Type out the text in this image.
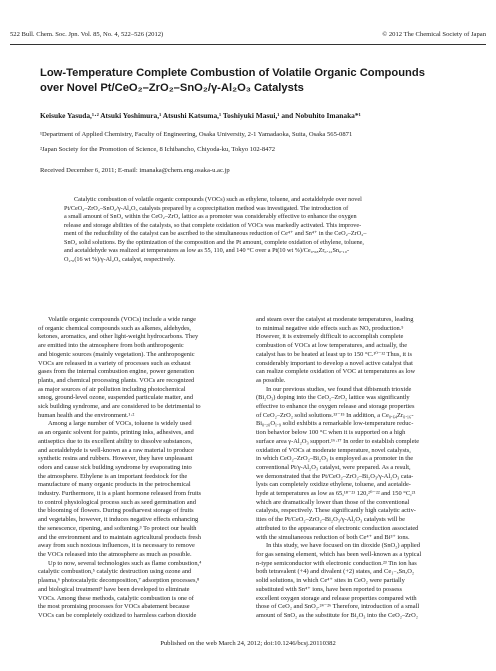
522 Bull. Chem. Soc. Jpn. Vol. 85, No. 4, 522–526 (2012)	© 2012 The Chemical Society of Japan
Low-Temperature Complete Combustion of Volatile Organic Compounds
over Novel Pt/CeO₂–ZrO₂–SnO₂/γ-Al₂O₃ Catalysts
Keisuke Yasuda,¹·² Atsuki Yoshimura,¹ Atsushi Katsuma,¹ Toshiyuki Masui,¹ and Nobuhito Imanaka*¹
¹Department of Applied Chemistry, Faculty of Engineering, Osaka University, 2-1 Yamadaoka, Suita, Osaka 565-0871
²Japan Society for the Promotion of Science, 8 Ichibancho, Chiyoda-ku, Tokyo 102-8472
Received December 6, 2011; E-mail: imanaka@chem.eng.osaka-u.ac.jp
Catalytic combustion of volatile organic compounds (VOCs) such as ethylene, toluene, and acetaldehyde over novel
Pt/CeO₂–ZrO₂–SnO₂/γ-Al₂O₃ catalysts prepared by a coprecipitation method was investigated. The introduction of
a small amount of SnO₂ within the CeO₂–ZrO₂ lattice as a promoter was considerably effective to enhance the oxygen
release and storage abilities of the catalysts, so that complete oxidation of VOCs was markedly activated. This improve-
ment of the reducibility of the catalyst can be ascribed to the simultaneous reduction of Ce⁴⁺ and Sn⁴⁺ in the CeO₂–ZrO₂–
SnO₂ solid solutions. By the optimization of the composition and the Pt amount, complete oxidation of ethylene, toluene,
and acetaldehyde was realized at temperatures as low as 55, 110, and 140 °C over a Pt(10 wt %)/Ce₀.₆₈Zr₀.₁₂Sn₀.₁₀-
O₂.₀(16 wt %)/γ-Al₂O₃ catalyst, respectively.
Volatile organic compounds (VOCs) include a wide range
of organic chemical compounds such as alkenes, aldehydes,
ketones, aromatics, and other light-weight hydrocarbons. They
are emitted into the atmosphere from both anthropogenic
and biogenic sources (mainly vegetation). The anthropogenic
VOCs are released in a variety of processes such as exhaust
gases from the internal combustion engine, power generation
plants, and chemical processing plants. VOCs are recognized
as major sources of air pollution including photochemical
smog, ground-level ozone, suspended particulate matter, and
sick building syndrome, and are considered to be detrimental to
human health and the environment.¹·²
Among a large number of VOCs, toluene is widely used
as an organic solvent for paints, printing inks, adhesives, and
antiseptics due to its excellent ability to dissolve substances,
and acetaldehyde is well-known as a raw material to produce
synthetic resins and rubbers. However, they have unpleasant
odors and cause sick building syndrome by evaporating into
the atmosphere. Ethylene is an important feedstock for the
manufacture of many organic products in the petrochemical
industry. Furthermore, it is a plant hormone released from fruits
to control physiological process such as seed germination and
the blooming of flowers. During postharvest storage of fruits
and vegetables, however, it induces negative effects enhancing
the senescence, ripening, and softening.³ To protect our health
and the environment and to maintain agricultural products fresh
away from such noxious influences, it is necessary to remove
the VOCs released into the atmosphere as much as possible.
Up to now, several technologies such as flame combustion,⁴
catalytic combustion,⁵ catalytic destruction using ozone and
plasma,⁶ photocatalytic decomposition,⁷ adsorption processes,⁸
and biological treatment⁹ have been developed to eliminate
VOCs. Among these methods, catalytic combustion is one of
the most promising processes for VOCs abatement because
VOCs can be completely oxidized to harmless carbon dioxide
and steam over the catalyst at moderate temperatures, leading
to minimal negative side effects such as NOₓ production.⁵
However, it is extremely difficult to accomplish complete
combustion of VOCs at low temperatures, and actually, the
catalyst has to be heated at least up to 150 °C.¹⁰⁻¹² Thus, it is
considerably important to develop a novel active catalyst that
can realize complete oxidation of VOC at temperatures as low
as possible.
In our previous studies, we found that dibismuth trioxide
(Bi₂O₃) doping into the CeO₂–ZrO₂ lattice was significantly
effective to enhance the oxygen release and storage properties
of CeO₂–ZrO₂ solid solutions.¹³⁻¹⁵ In addition, a Ce₀.₆₄Zr₀.₁₆-
Bi₀.₂₀O₁.₉ solid exhibits a remarkable low-temperature reduc-
tion behavior below 100 °C when it is supported on a high
surface area γ-Al₂O₃ support.¹⁶·¹⁷ In order to establish complete
oxidation of VOCs at moderate temperature, novel catalysts,
in which CeO₂–ZrO₂–Bi₂O₃ is employed as a promoter in the
conventional Pt/γ-Al₂O₃ catalyst, were prepared. As a result,
we demonstrated that the Pt/CeO₂–ZrO₂–Bi₂O₃/γ-Al₂O₃ cata-
lysts can completely oxidize ethylene, toluene, and acetalde-
hyde at temperatures as low as 65,¹⁸⁻²¹ 120,²⁰⁻²² and 150 °C,²¹
which are dramatically lower than those of the conventional
catalysts, respectively. These significantly high catalytic activ-
ities of the Pt/CeO₂–ZrO₂–Bi₂O₃/γ-Al₂O₃ catalysts will be
attributed to the appearance of electronic conduction associated
with the simultaneous reduction of both Ce⁴⁺ and Bi³⁺ ions.
In this study, we have focused on tin dioxide (SnO₂) applied
for gas sensing element, which has been well-known as a typical
n-type semiconductor with electronic conduction.²³ Tin ion has
both tetravalent (+4) and divalent (+2) states, and Ce₁₋ₓSnₓO₂
solid solutions, in which Ce⁴⁺ sites in CeO₂ were partially
substituted with Sn⁴⁺ ions, have been reported to possess
excellent oxygen storage and release properties compared with
those of CeO₂ and SnO₂.²⁴⁻²⁶ Therefore, introduction of a small
amount of SnO₂ as the substitute for Bi₂O₃ into the CeO₂–ZrO₂
Published on the web March 24, 2012; doi:10.1246/bcsj.20110382
